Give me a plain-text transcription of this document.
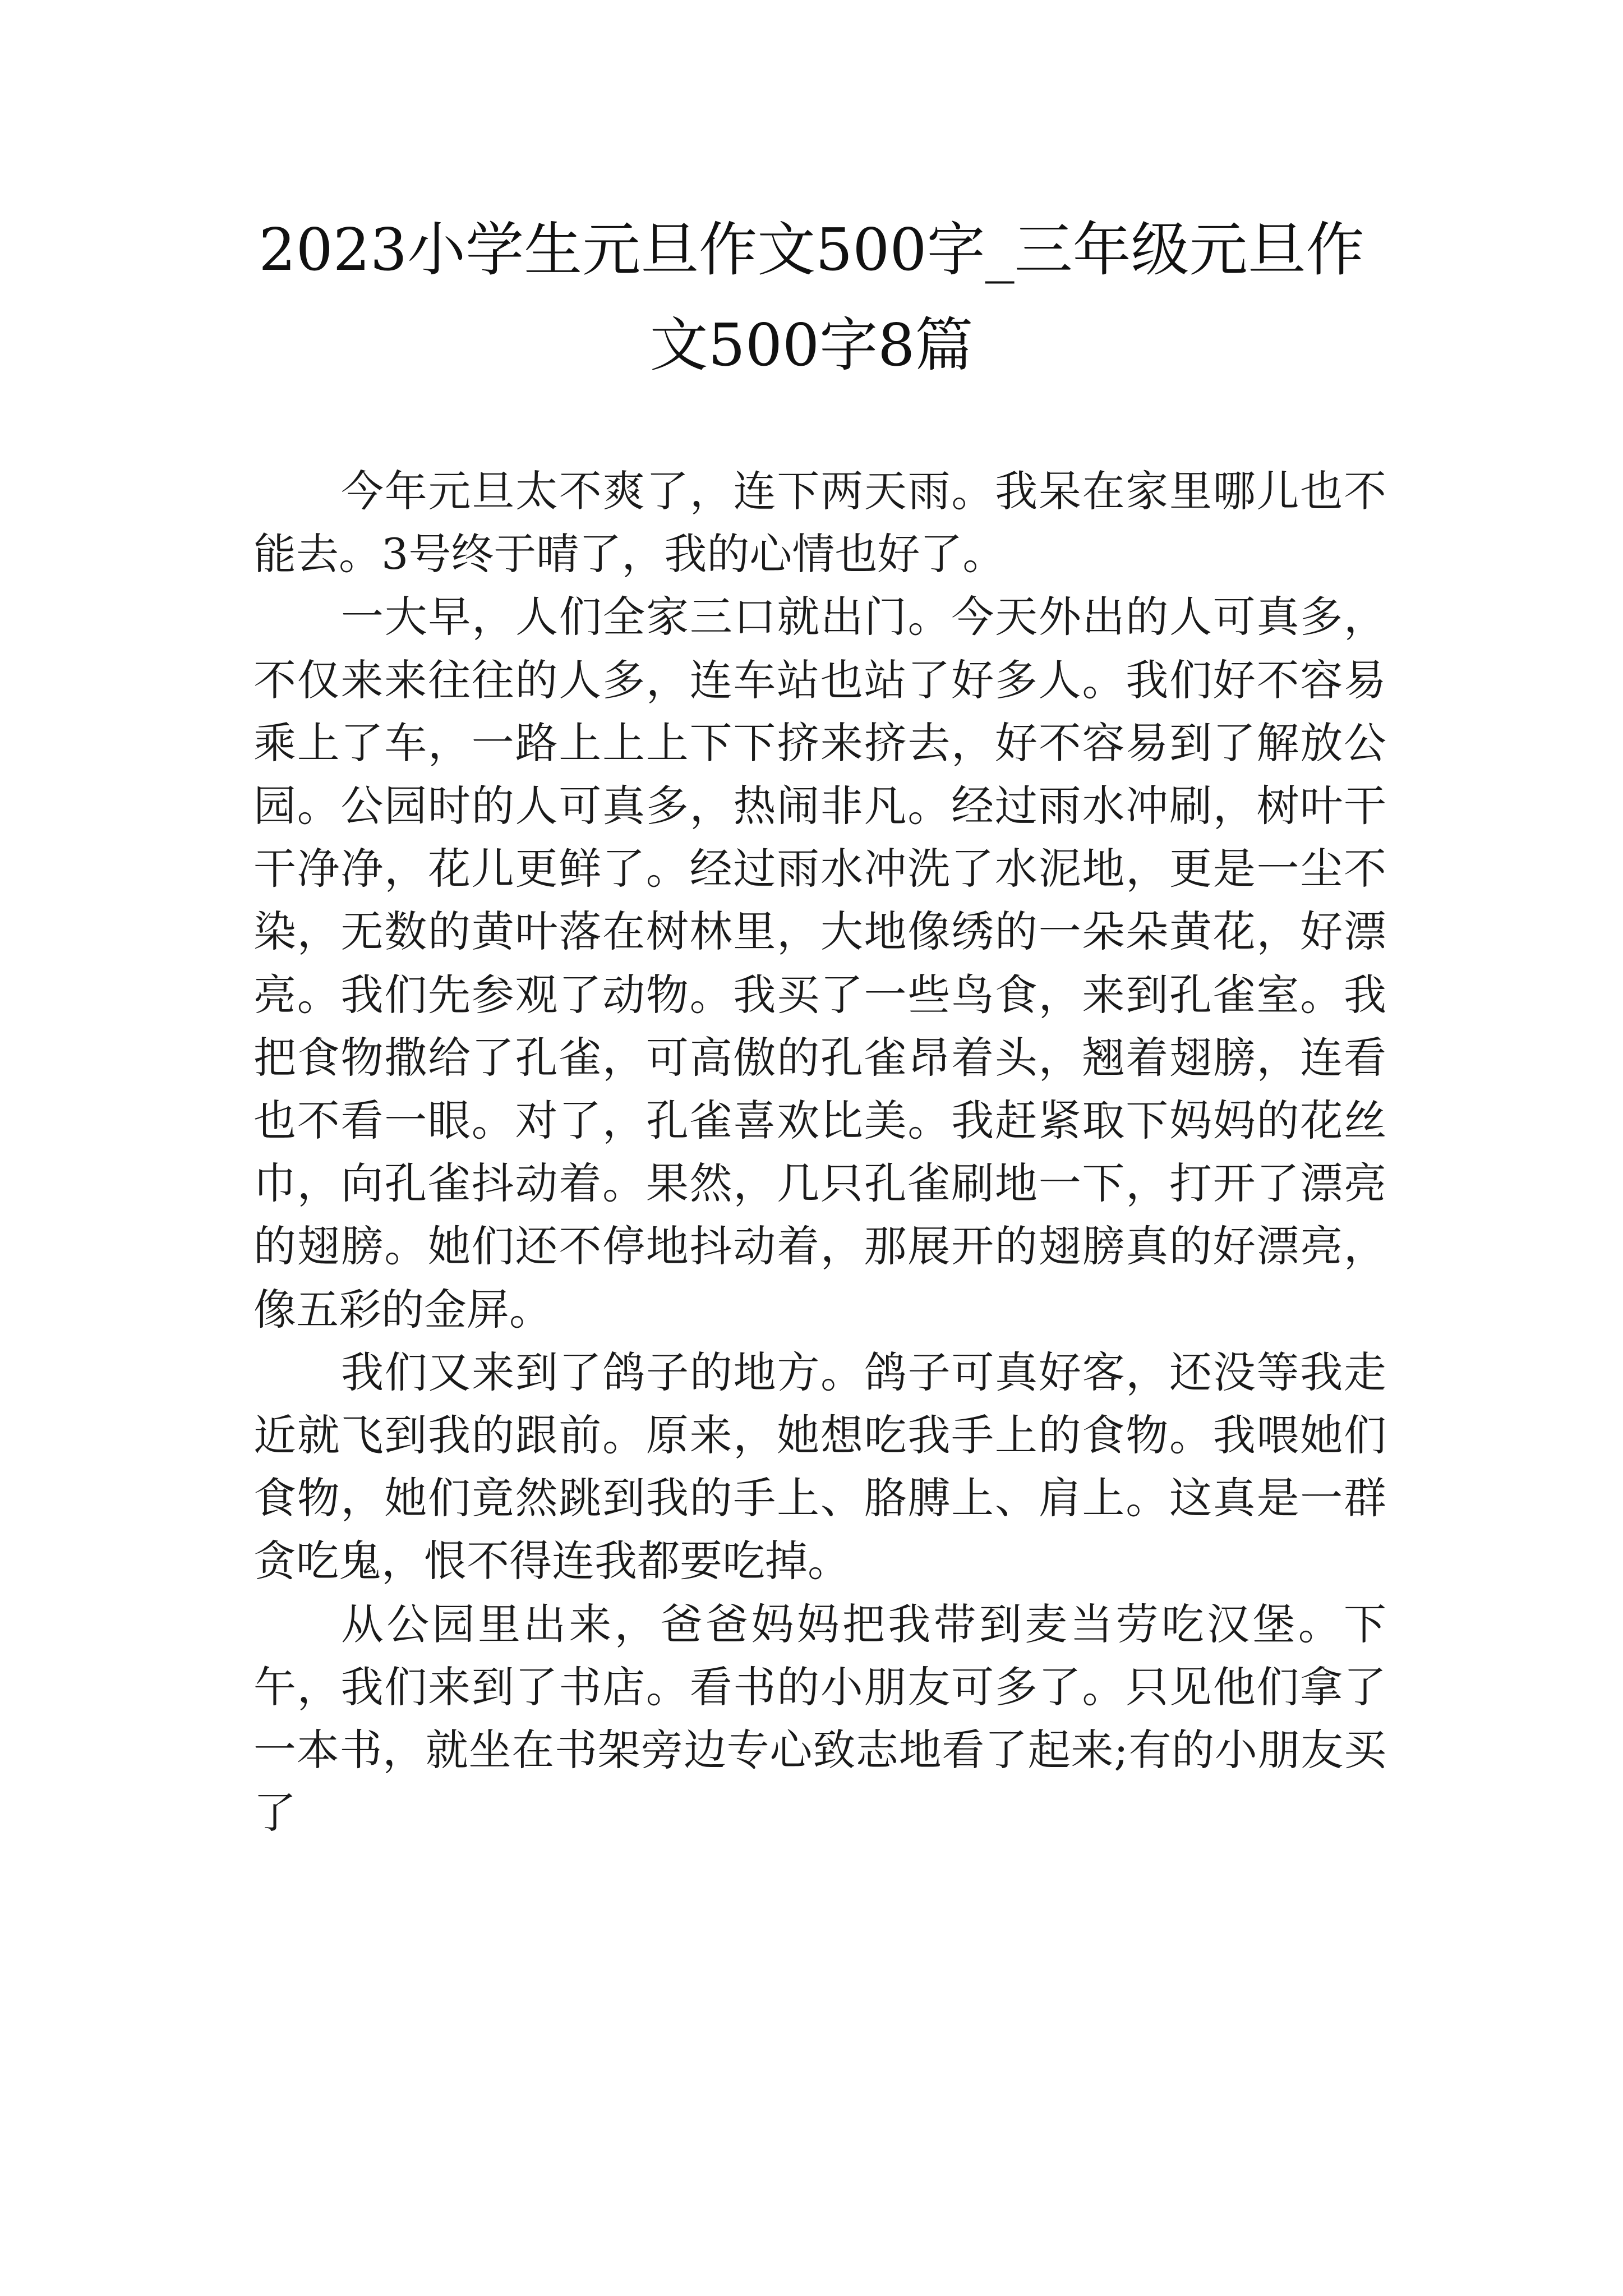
2023小学生元旦作文500字_三年级元旦作文500字8篇

今年元旦太不爽了，连下两天雨。我呆在家里哪儿也不能去。3号终于晴了，我的心情也好了。

一大早，人们全家三口就出门。今天外出的人可真多，不仅来来往往的人多，连车站也站了好多人。我们好不容易乘上了车，一路上上上下下挤来挤去，好不容易到了解放公园。公园时的人可真多，热闹非凡。经过雨水冲刷，树叶干干净净，花儿更鲜了。经过雨水冲洗了水泥地，更是一尘不染，无数的黄叶落在树林里，大地像绣的一朵朵黄花，好漂亮。我们先参观了动物。我买了一些鸟食，来到孔雀室。我把食物撒给了孔雀，可高傲的孔雀昂着头，翘着翅膀，连看也不看一眼。对了，孔雀喜欢比美。我赶紧取下妈妈的花丝巾，向孔雀抖动着。果然，几只孔雀刷地一下，打开了漂亮的翅膀。她们还不停地抖动着，那展开的翅膀真的好漂亮，像五彩的金屏。

我们又来到了鸽子的地方。鸽子可真好客，还没等我走近就飞到我的跟前。原来，她想吃我手上的食物。我喂她们食物，她们竟然跳到我的手上、胳膊上、肩上。这真是一群贪吃鬼，恨不得连我都要吃掉。

从公园里出来，爸爸妈妈把我带到麦当劳吃汉堡。下午，我们来到了书店。看书的小朋友可多了。只见他们拿了一本书，就坐在书架旁边专心致志地看了起来;有的小朋友买了
